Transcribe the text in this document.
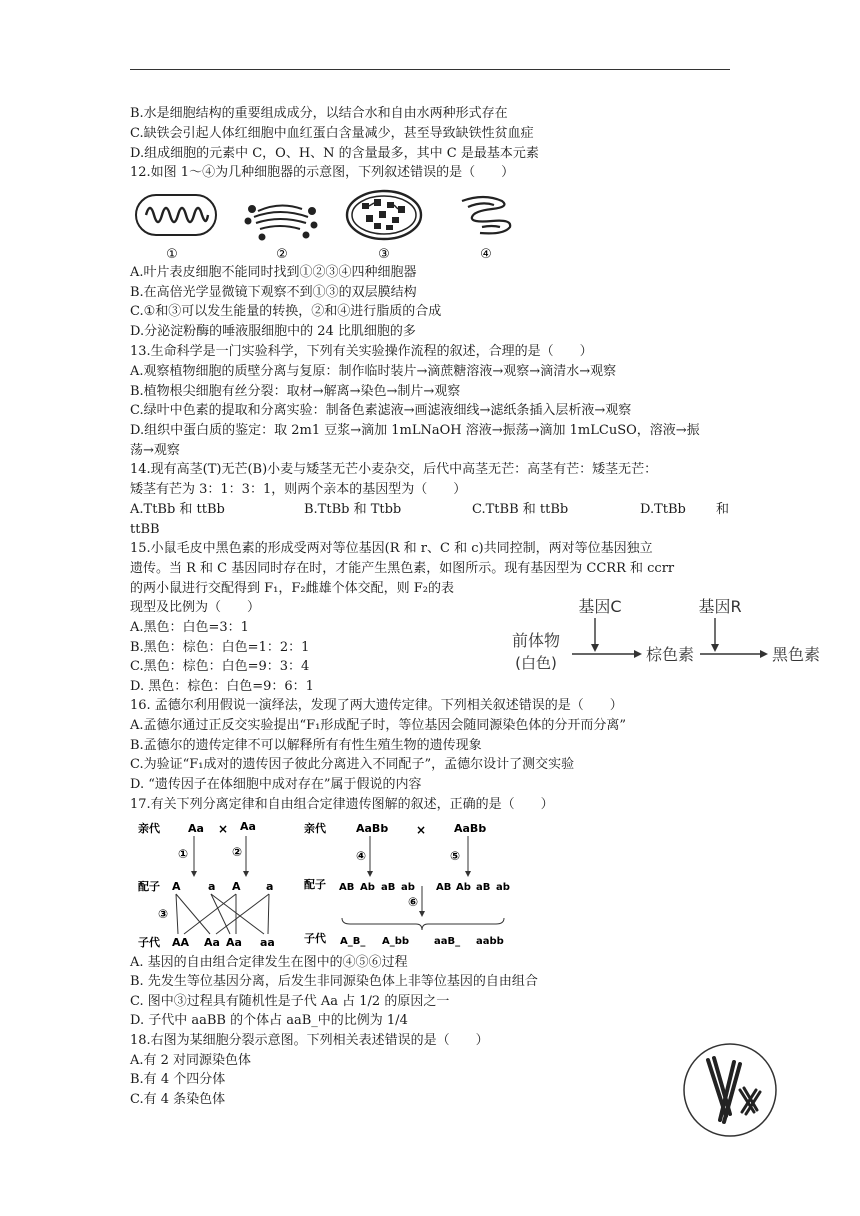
B.水是细胞结构的重要组成成分，以结合水和自由水两种形式存在
C.缺铁会引起人体红细胞中血红蛋白含量减少，甚至导致缺铁性贫血症
D.组成细胞的元素中 C，O、H、N 的含量最多，其中 C 是最基本元素
12.如图 1～④为几种细胞器的示意图，下列叙述错误的是（　　）
①	②	③	④
A.叶片表皮细胞不能同时找到①②③④四种细胞器
B.在高倍光学显微镜下观察不到①③的双层膜结构
C.①和③可以发生能量的转换，②和④进行脂质的合成
D.分泌淀粉酶的唾液服细胞中的 24 比肌细胞的多
13.生命科学是一门实验科学，下列有关实验操作流程的叙述，合理的是（　　）
A.观察植物细胞的质壁分离与复原：制作临时装片→滴蔗糖溶液→观察→滴清水→观察
B.植物根尖细胞有丝分裂：取材→解离→染色→制片→观察
C.绿叶中色素的提取和分离实验：制备色素滤液→画滤液细线→滤纸条插入层析液→观察
D.组织中蛋白质的鉴定：取 2m1 豆浆→滴加 1mLNaOH 溶液→振荡→滴加 1mLCuSO，溶液→振
荡→观察
14.现有高茎(T)无芒(B)小麦与矮茎无芒小麦杂交，后代中高茎无芒：高茎有芒：矮茎无芒：
矮茎有芒为 3：1：3：1，则两个亲本的基因型为（　　）
A.TtBb 和 ttBb	B.TtBb 和 Ttbb	C.TtBB 和 ttBb	D.TtBb 和
ttBB
15.小鼠毛皮中黑色素的形成受两对等位基因(R 和 r、C 和 c)共同控制，两对等位基因独立
遗传。当 R 和 C 基因同时存在时，才能产生黑色素，如图所示。现有基因型为 CCRR 和 ccrr
的两小鼠进行交配得到 F₁，F₂雌雄个体交配，则 F₂的表
现型及比例为（　　）
A.黑色：白色=3：1
B.黑色：棕色：白色=1：2：1
C.黑色：棕色：白色=9：3：4
D. 黑色：棕色：白色=9：6：1
基因C	基因R
前体物
(白色)	棕色素	黑色素
16. 孟德尔利用假说一演绎法，发现了两大遗传定律。下列相关叙述错误的是（　　）
A.孟德尔通过正反交实验提出“F₁形成配子时，等位基因会随同源染色体的分开而分离”
B.孟德尔的遗传定律不可以解释所有有性生殖生物的遗传现象
C.为验证“F₁成对的遗传因子彼此分离进入不同配子”，孟德尔设计了测交实验
D. “遗传因子在体细胞中成对存在”属于假说的内容
17.有关下列分离定律和自由组合定律遗传图解的叙述，正确的是（　　）
亲代	Aa × Aa
①	②
配子 A a A a
③
子代 AA Aa Aa aa
亲代	AaBb ×	AaBb
④	⑤
配子 AB Ab aB ab AB Ab aB ab
⑥
子代 A_B_ A_bb aaB_ aabb
A. 基因的自由组合定律发生在图中的④⑤⑥过程
B. 先发生等位基因分离，后发生非同源染色体上非等位基因的自由组合
C. 图中③过程具有随机性是子代 Aa 占 1/2 的原因之一
D. 子代中 aaBB 的个体占 aaB_中的比例为 1/4
18.右图为某细胞分裂示意图。下列相关表述错误的是（　　）
A.有 2 对同源染色体
B.有 4 个四分体
C.有 4 条染色体
